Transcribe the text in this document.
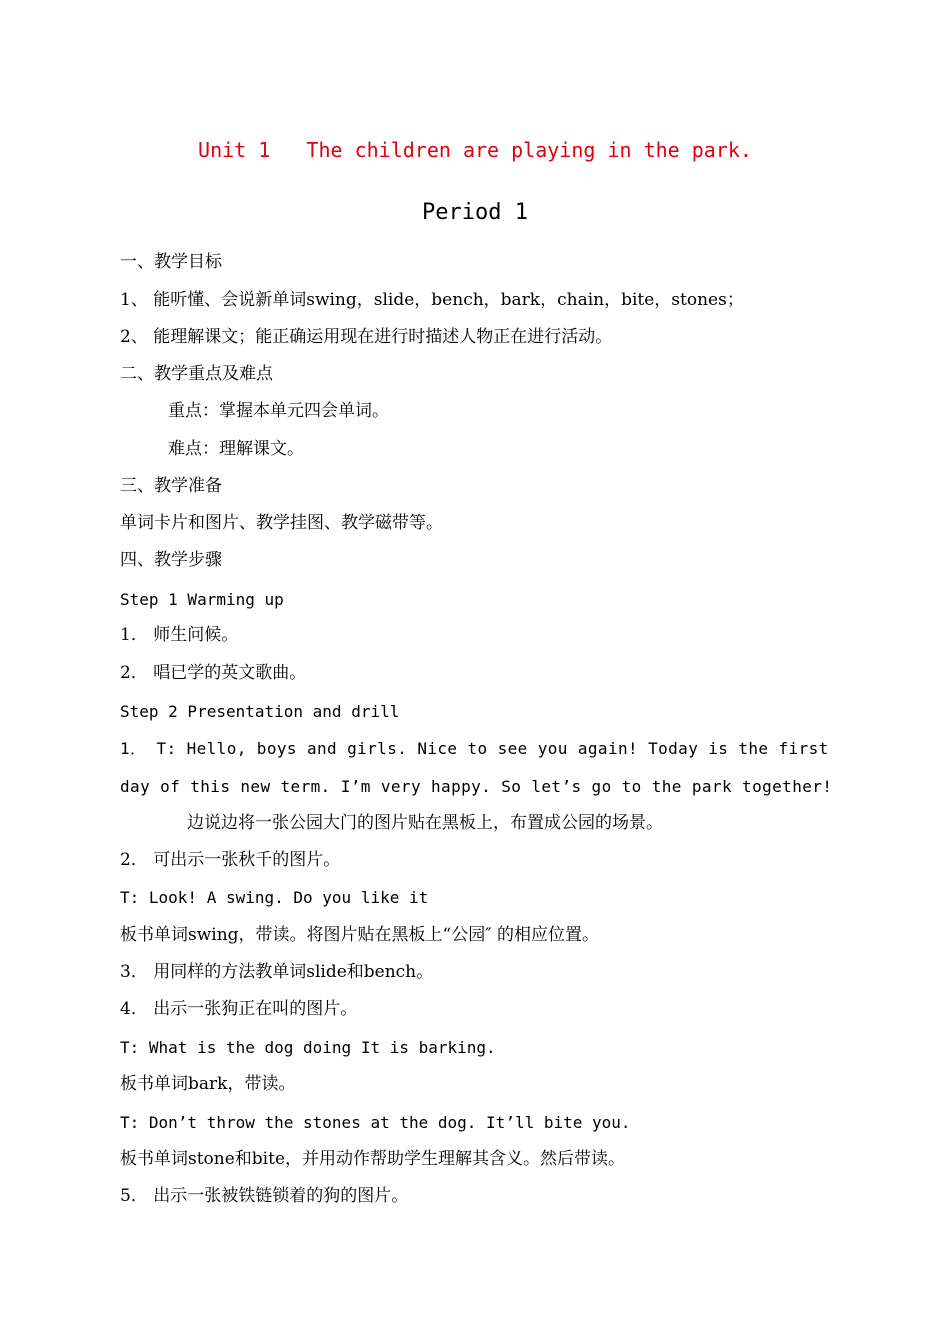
Unit 1   The children are playing in the park.
Period 1
一、教学目标
1、 能听懂、会说新单词swing，slide，bench，bark，chain，bite，stones；
2、 能理解课文；能正确运用现在进行时描述人物正在进行活动。
二、教学重点及难点
重点：掌握本单元四会单词。
难点：理解课文。
三、教学准备
单词卡片和图片、教学挂图、教学磁带等。
四、教学步骤
Step 1 Warming up
1． 师生问候。
2． 唱已学的英文歌曲。
Step 2 Presentation and drill
1． T: Hello, boys and girls. Nice to see you again! Today is the first
day of this new term. I’m very happy. So let’s go to the park together!
边说边将一张公园大门的图片贴在黑板上，布置成公园的场景。
2． 可出示一张秋千的图片。
T: Look! A swing. Do you like it
板书单词swing，带读。将图片贴在黑板上“公园″ 的相应位置。
3． 用同样的方法教单词slide和bench。
4． 出示一张狗正在叫的图片。
T: What is the dog doing It is barking.
板书单词bark，带读。
T: Don’t throw the stones at the dog. It’ll bite you.
板书单词stone和bite，并用动作帮助学生理解其含义。然后带读。
5． 出示一张被铁链锁着的狗的图片。
